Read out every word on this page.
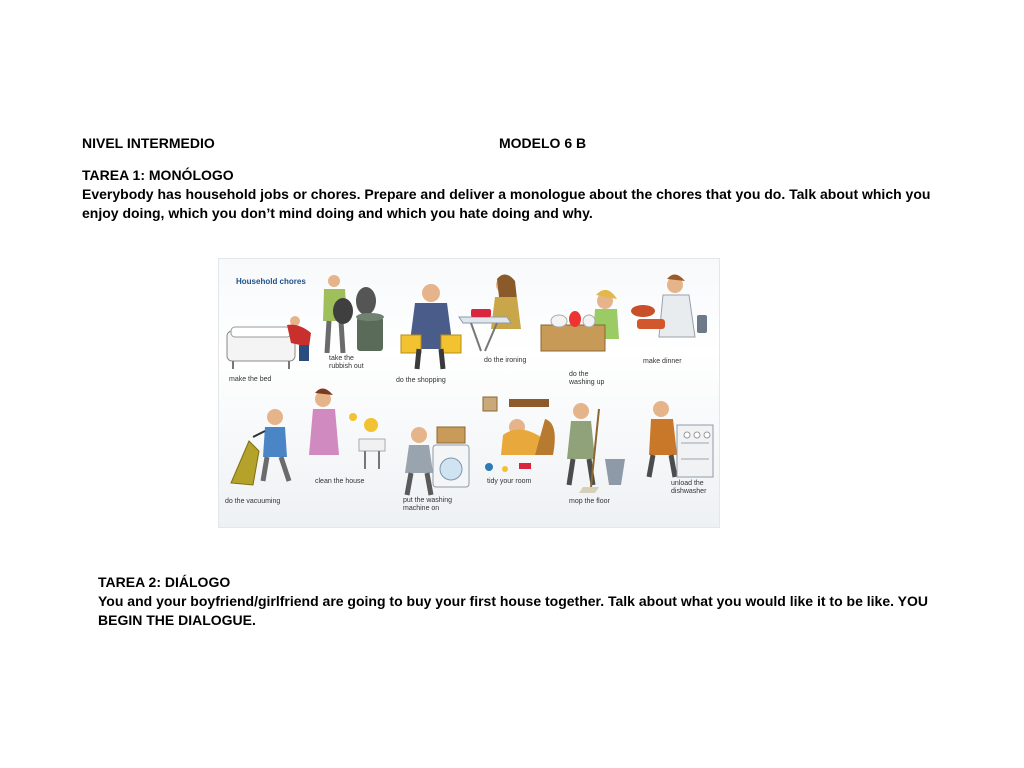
NIVEL INTERMEDIO	MODELO 6 B
TAREA 1: MONÓLOGO
Everybody has household jobs or chores. Prepare and deliver a monologue about the chores that you do. Talk about which you enjoy doing, which you don’t mind doing and which you hate doing and why.
Household chores
make the bed
take the
rubbish out
do the shopping
do the ironing
do the
washing up
make dinner
do the vacuuming
clean the house
put the washing
machine on
tidy your room
mop the floor
unload the
dishwasher
TAREA 2: DIÁLOGO
You and your boyfriend/girlfriend are going to buy your first house together. Talk about what you would like it to be like. YOU BEGIN THE DIALOGUE.
